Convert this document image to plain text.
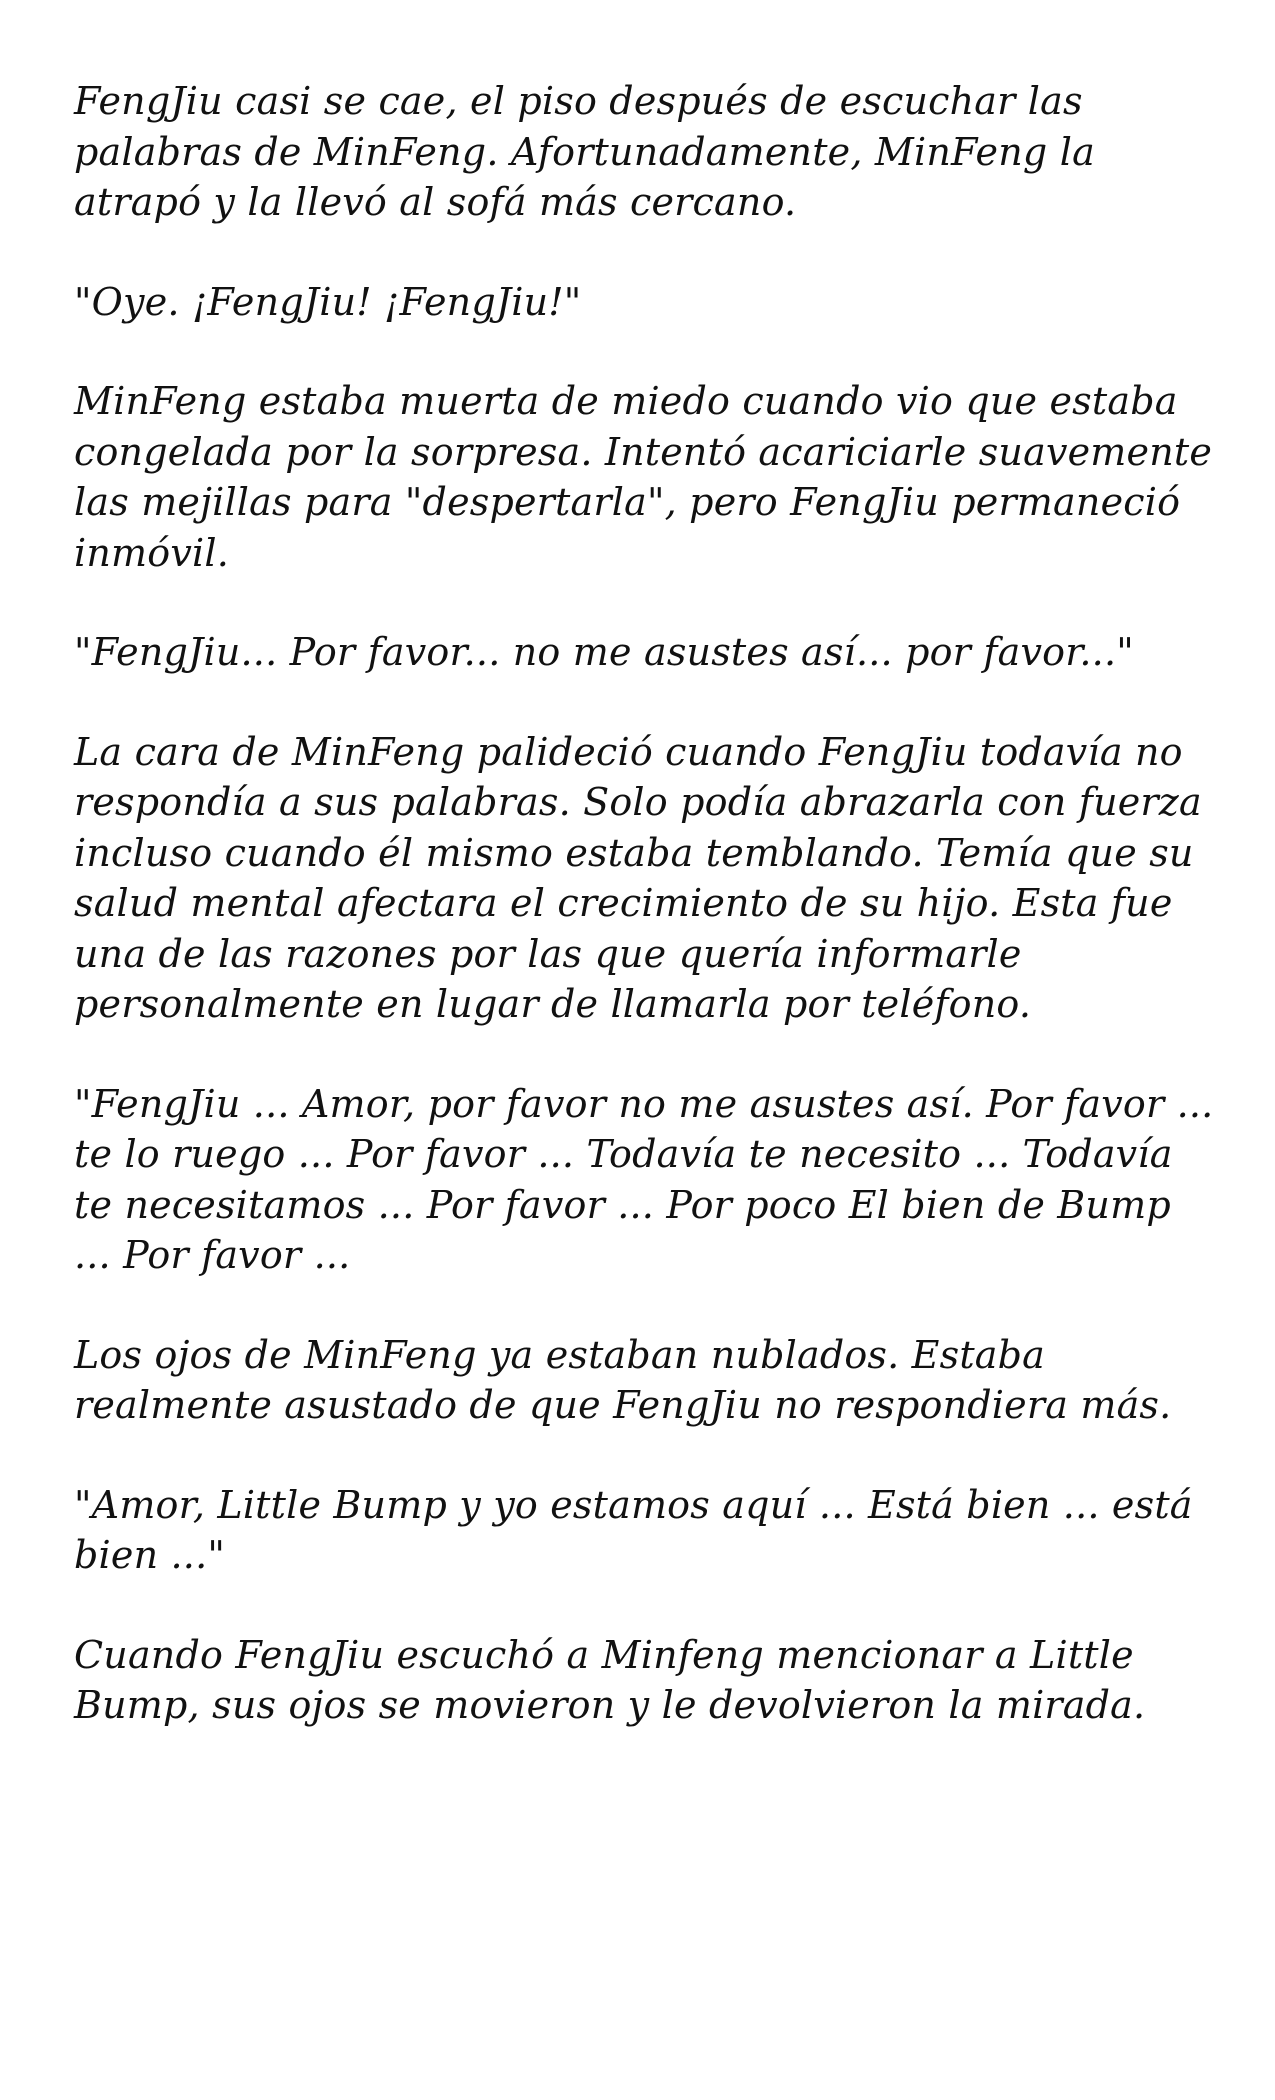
FengJiu casi se cae, el piso después de escuchar las palabras de MinFeng. Afortunadamente, MinFeng la atrapó y la llevó al sofá más cercano.

"Oye. ¡FengJiu! ¡FengJiu!"

MinFeng estaba muerta de miedo cuando vio que estaba congelada por la sorpresa. Intentó acariciarle suavemente las mejillas para "despertarla", pero FengJiu permaneció inmóvil.

"FengJiu... Por favor... no me asustes así... por favor..."

La cara de MinFeng palideció cuando FengJiu todavía no respondía a sus palabras. Solo podía abrazarla con fuerza incluso cuando él mismo estaba temblando. Temía que su salud mental afectara el crecimiento de su hijo. Esta fue una de las razones por las que quería informarle personalmente en lugar de llamarla por teléfono.

"FengJiu ... Amor, por favor no me asustes así. Por favor ... te lo ruego ... Por favor ... Todavía te necesito ... Todavía te necesitamos ... Por favor ... Por poco El bien de Bump ... Por favor ...

Los ojos de MinFeng ya estaban nublados. Estaba realmente asustado de que FengJiu no respondiera más.

"Amor, Little Bump y yo estamos aquí ... Está bien ... está bien ..."

Cuando FengJiu escuchó a Minfeng mencionar a Little Bump, sus ojos se movieron y le devolvieron la mirada.
